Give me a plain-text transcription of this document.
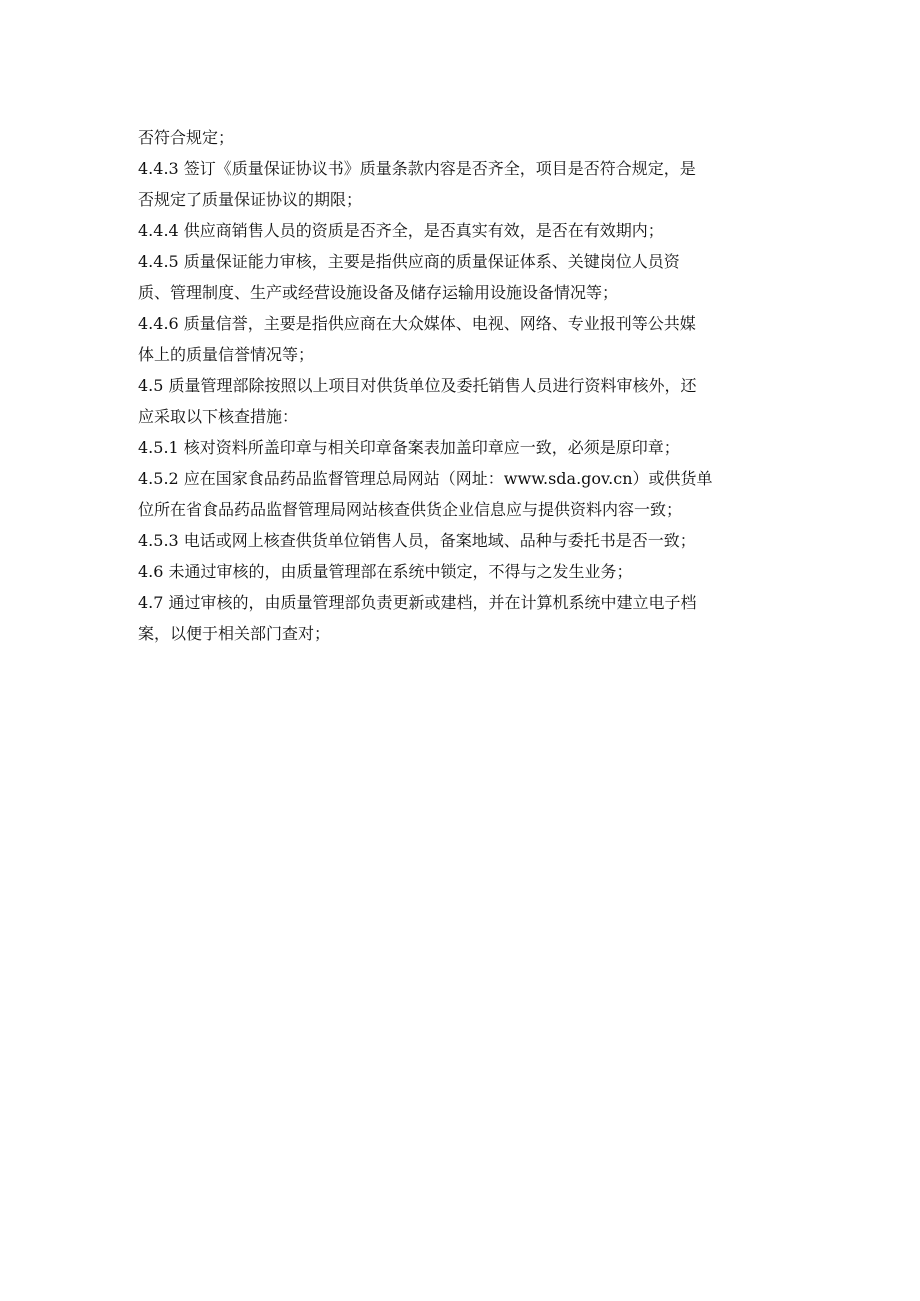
否符合规定；
4.4.3 签订《质量保证协议书》质量条款内容是否齐全，项目是否符合规定，是
否规定了质量保证协议的期限；
4.4.4 供应商销售人员的资质是否齐全，是否真实有效，是否在有效期内；
4.4.5 质量保证能力审核，主要是指供应商的质量保证体系、关键岗位人员资
质、管理制度、生产或经营设施设备及储存运输用设施设备情况等；
4.4.6 质量信誉，主要是指供应商在大众媒体、电视、网络、专业报刊等公共媒
体上的质量信誉情况等；
4.5 质量管理部除按照以上项目对供货单位及委托销售人员进行资料审核外，还
应采取以下核查措施：
4.5.1 核对资料所盖印章与相关印章备案表加盖印章应一致，必须是原印章；
4.5.2 应在国家食品药品监督管理总局网站（网址：www.sda.gov.cn）或供货单
位所在省食品药品监督管理局网站核查供货企业信息应与提供资料内容一致；
4.5.3 电话或网上核查供货单位销售人员，备案地域、品种与委托书是否一致；
4.6 未通过审核的，由质量管理部在系统中锁定，不得与之发生业务；
4.7 通过审核的，由质量管理部负责更新或建档，并在计算机系统中建立电子档
案，以便于相关部门查对；
